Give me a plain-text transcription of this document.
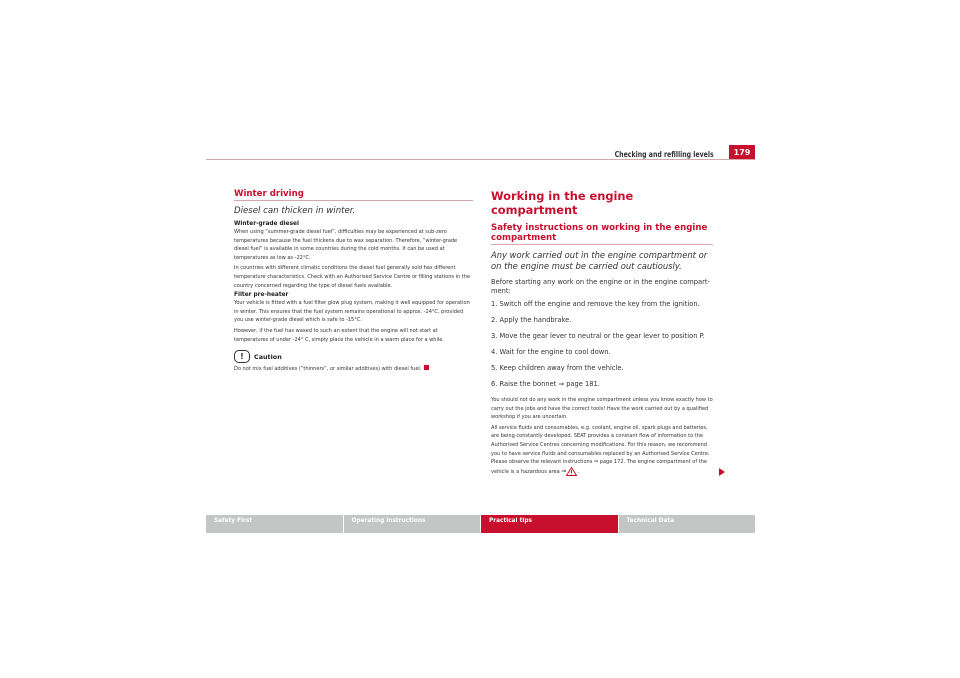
Checking and refilling levels	179
Winter driving
Diesel can thicken in winter.
Winter-grade diesel

When using “summer-grade diesel fuel”, difficulties may be experienced at sub-zero temperatures because the fuel thickens due to wax separation. Therefore, “winter-grade diesel fuel” is available in some countries during the cold months. It can be used at temperatures as low as -22°C.

In countries with different climatic conditions the diesel fuel generally sold has different temperature characteristics. Check with an Authorised Service Centre or filling stations in the country concerned regarding the type of diesel fuels available.

Filter pre-heater

Your vehicle is fitted with a fuel filter glow plug system, making it well equipped for operation in winter. This ensures that the fuel system remains operational to approx. -24°C, provided you use winter-grade diesel which is safe to -15°C.

However, if the fuel has waxed to such an extent that the engine will not start at temperatures of under -24° C, simply place the vehicle in a warm place for a while.

!	Caution

Do not mix fuel additives (“thinners”, or similar additives) with diesel fuel.

Working in the engine compartment
Safety instructions on working in the engine compartment
Any work carried out in the engine compartment or on the engine must be carried out cautiously.

Before starting any work on the engine or in the engine compart-ment:

1. Switch off the engine and remove the key from the ignition.
2. Apply the handbrake.
3. Move the gear lever to neutral or the gear lever to position P.
4. Wait for the engine to cool down.
5. Keep children away from the vehicle.
6. Raise the bonnet ⇒ page 181.

You should not do any work in the engine compartment unless you know exactly how to carry out the jobs and have the correct tools! Have the work carried out by a qualified workshop if you are uncertain.

All service fluids and consumables, e.g. coolant, engine oil, spark plugs and batteries, are being constantly developed. SEAT provides a constant flow of information to the Authorised Service Centres concerning modifications. For this reason, we recommend you to have service fluids and consumables replaced by an Authorised Service Centre. Please observe the relevant instructions ⇒ page 172. The engine compartment of the vehicle is a hazardous area ⇒ .

Safety First	Operating instructions	Practical tips	Technical Data
